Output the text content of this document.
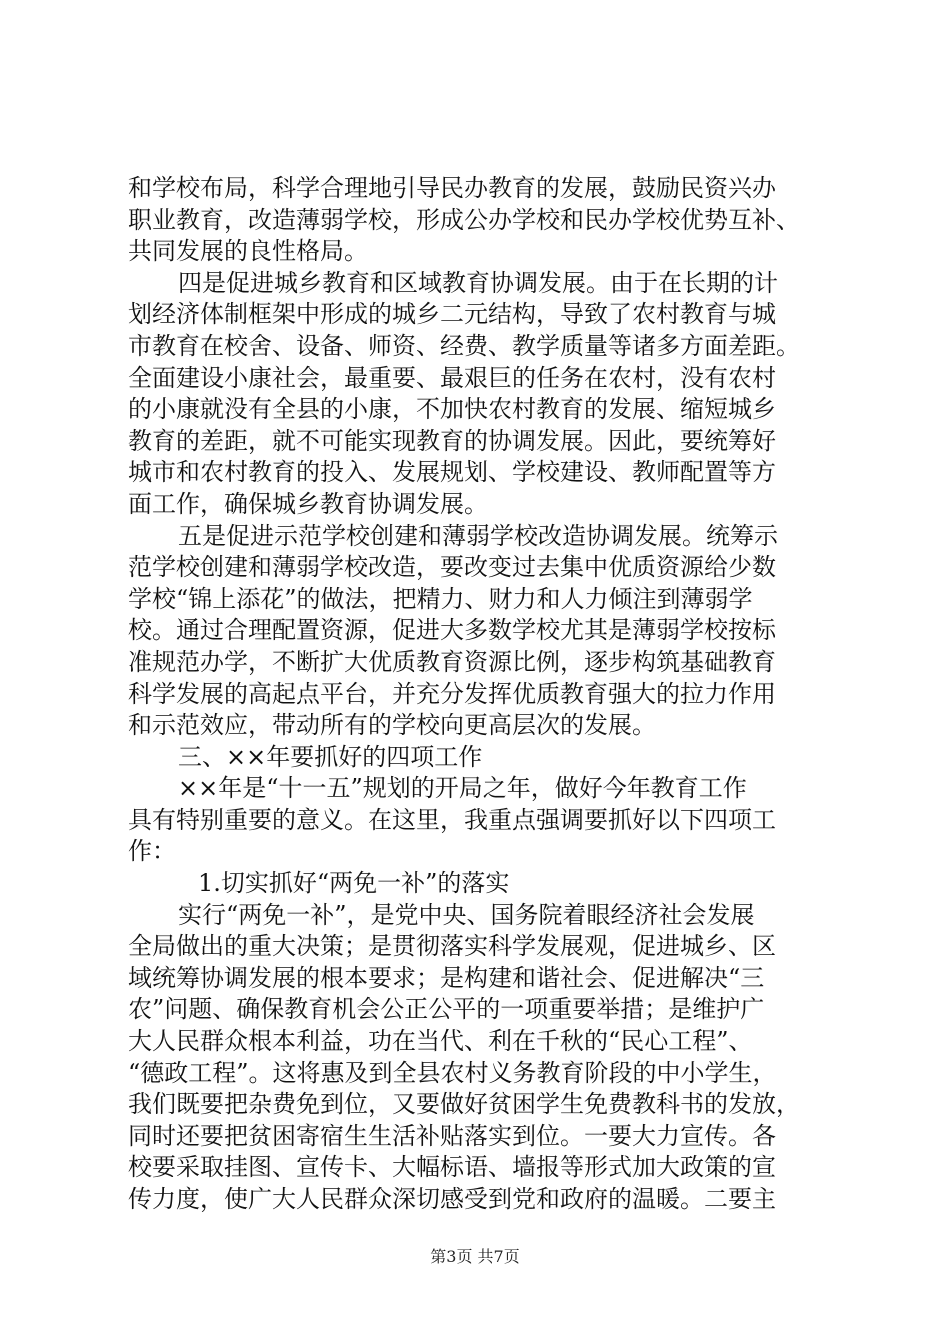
和学校布局，科学合理地引导民办教育的发展，鼓励民资兴办
职业教育，改造薄弱学校，形成公办学校和民办学校优势互补、
共同发展的良性格局。
四是促进城乡教育和区域教育协调发展。由于在长期的计
划经济体制框架中形成的城乡二元结构，导致了农村教育与城
市教育在校舍、设备、师资、经费、教学质量等诸多方面差距。
全面建设小康社会，最重要、最艰巨的任务在农村，没有农村
的小康就没有全县的小康，不加快农村教育的发展、缩短城乡
教育的差距，就不可能实现教育的协调发展。因此，要统筹好
城市和农村教育的投入、发展规划、学校建设、教师配置等方
面工作，确保城乡教育协调发展。
五是促进示范学校创建和薄弱学校改造协调发展。统筹示
范学校创建和薄弱学校改造，要改变过去集中优质资源给少数
学校“锦上添花”的做法，把精力、财力和人力倾注到薄弱学
校。通过合理配置资源，促进大多数学校尤其是薄弱学校按标
准规范办学，不断扩大优质教育资源比例，逐步构筑基础教育
科学发展的高起点平台，并充分发挥优质教育强大的拉力作用
和示范效应，带动所有的学校向更高层次的发展。
三、××年要抓好的四项工作
××年是“十一五”规划的开局之年，做好今年教育工作
具有特别重要的意义。在这里，我重点强调要抓好以下四项工
作：
1.切实抓好“两免一补”的落实
实行“两免一补”，是党中央、国务院着眼经济社会发展
全局做出的重大决策；是贯彻落实科学发展观，促进城乡、区
域统筹协调发展的根本要求；是构建和谐社会、促进解决“三
农”问题、确保教育机会公正公平的一项重要举措；是维护广
大人民群众根本利益，功在当代、利在千秋的“民心工程”、
“德政工程”。这将惠及到全县农村义务教育阶段的中小学生，
我们既要把杂费免到位，又要做好贫困学生免费教科书的发放，
同时还要把贫困寄宿生生活补贴落实到位。一要大力宣传。各
校要采取挂图、宣传卡、大幅标语、墙报等形式加大政策的宣
传力度，使广大人民群众深切感受到党和政府的温暖。二要主
第3页 共7页
